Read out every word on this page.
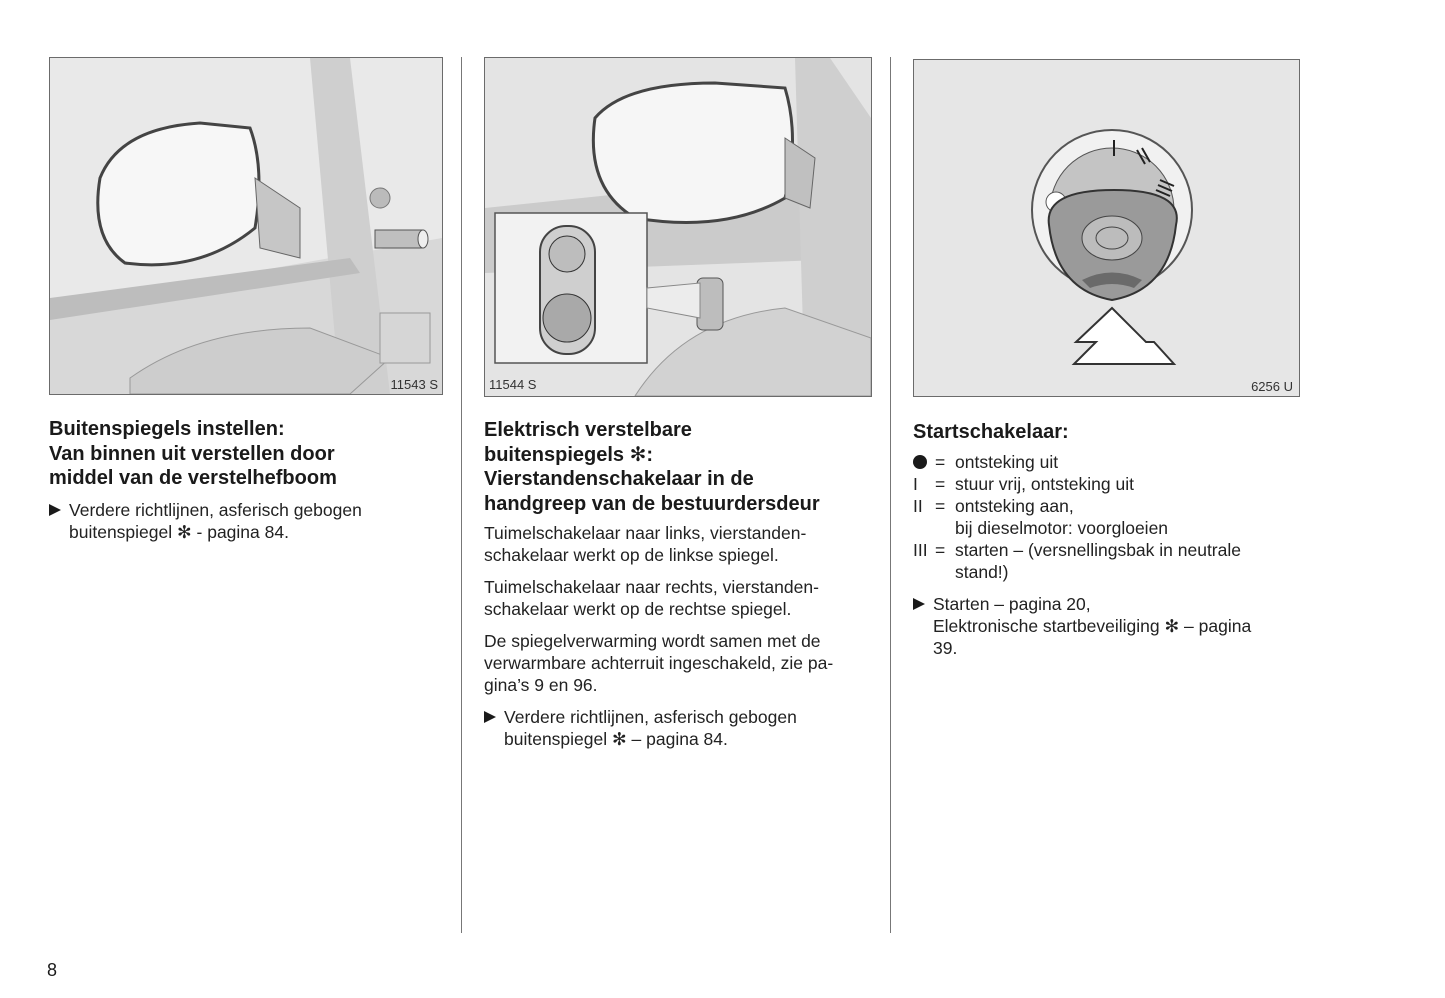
11543 S	11544 S	6256 U
Buitenspiegels instellen:
Van binnen uit verstellen door
middel van de verstelhefboom

Verdere richtlijnen, asferisch gebogen
buitenspiegel ✻ - pagina 84.

Elektrisch verstelbare
buitenspiegels ✻:
Vierstandenschakelaar in de
handgreep van de bestuurdersdeur

Tuimelschakelaar naar links, vierstanden-
schakelaar werkt op de linkse spiegel.

Tuimelschakelaar naar rechts, vierstanden-
schakelaar werkt op de rechtse spiegel.

De spiegelverwarming wordt samen met de
verwarmbare achterruit ingeschakeld, zie pa-
gina’s 9 en 96.

Verdere richtlijnen, asferisch gebogen
buitenspiegel ✻ – pagina 84.

Startschakelaar:
= ontsteking uit
I = stuur vrij, ontsteking uit
II = ontsteking aan,
bij dieselmotor: voorgloeien
III = starten – (versnellingsbak in neutrale
stand!)

Starten – pagina 20,
Elektronische startbeveiliging ✻ – pagina
39.

8
